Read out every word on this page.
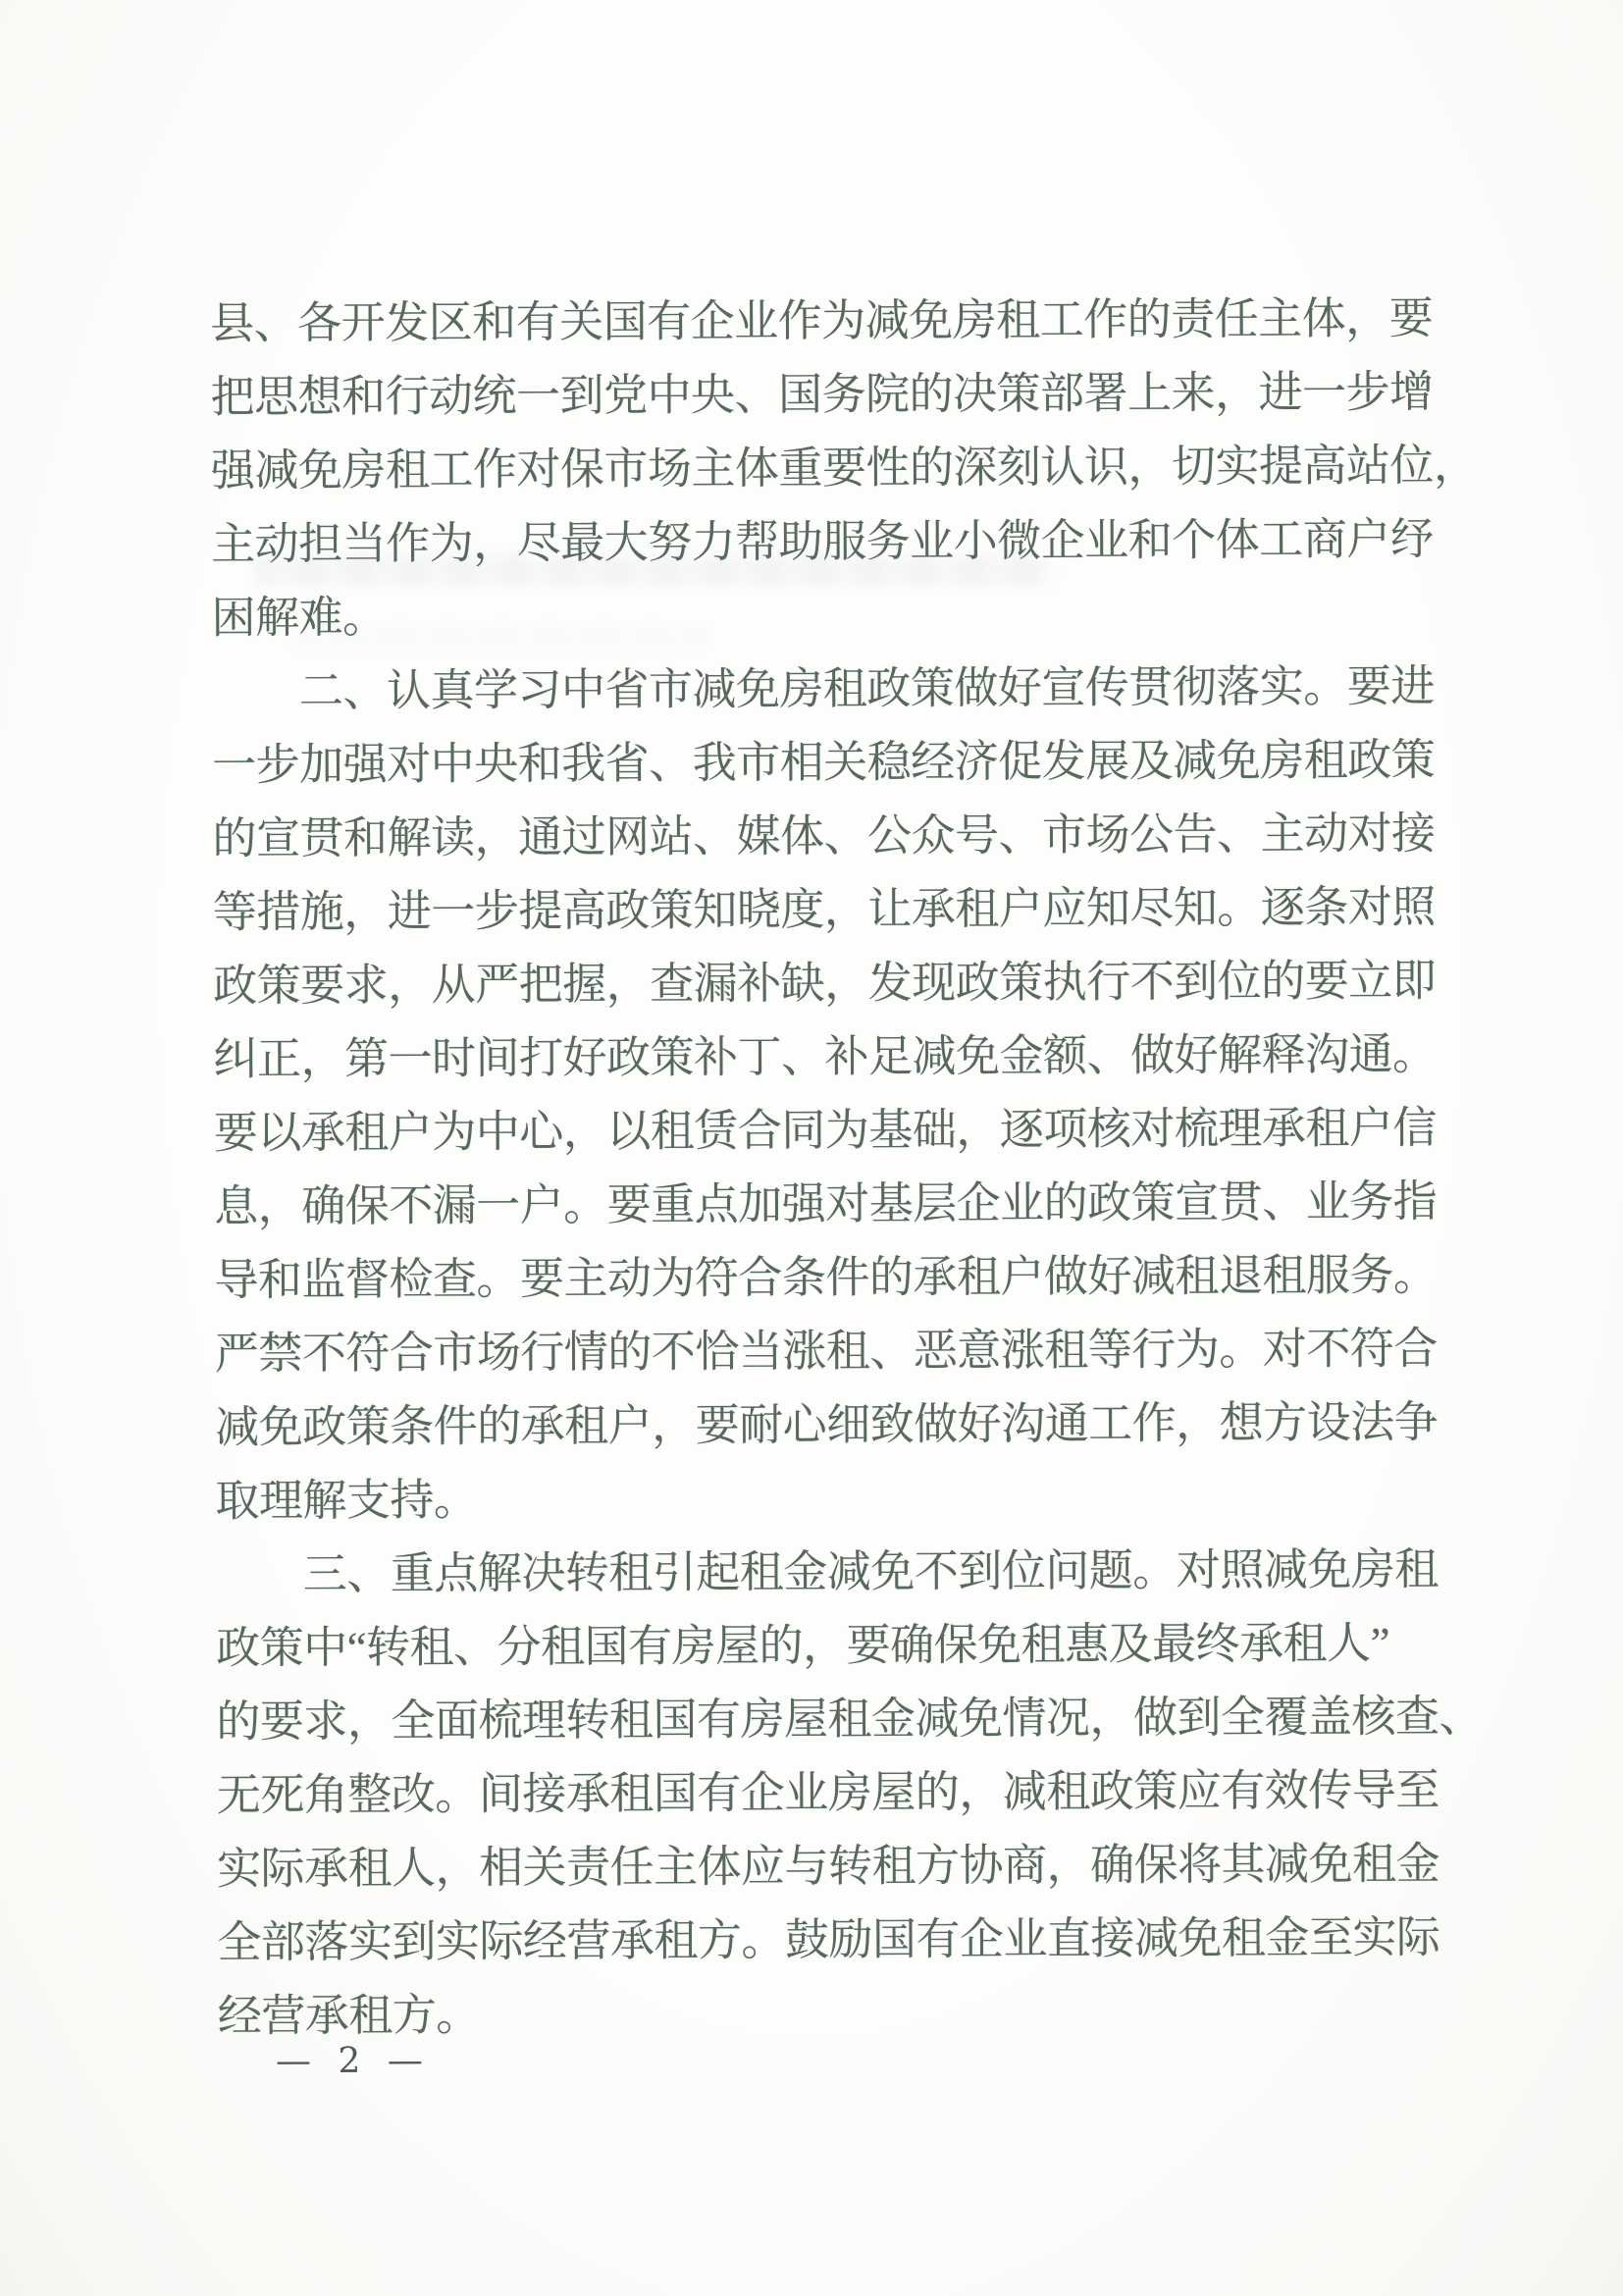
县、各开发区和有关国有企业作为减免房租工作的责任主体，要
把思想和行动统一到党中央、国务院的决策部署上来，进一步增
强减免房租工作对保市场主体重要性的深刻认识，切实提高站位，
主动担当作为，尽最大努力帮助服务业小微企业和个体工商户纾
困解难。
二、认真学习中省市减免房租政策做好宣传贯彻落实。要进
一步加强对中央和我省、我市相关稳经济促发展及减免房租政策
的宣贯和解读，通过网站、媒体、公众号、市场公告、主动对接
等措施，进一步提高政策知晓度，让承租户应知尽知。逐条对照
政策要求，从严把握，查漏补缺，发现政策执行不到位的要立即
纠正，第一时间打好政策补丁、补足减免金额、做好解释沟通。
要以承租户为中心，以租赁合同为基础，逐项核对梳理承租户信
息，确保不漏一户。要重点加强对基层企业的政策宣贯、业务指
导和监督检查。要主动为符合条件的承租户做好减租退租服务。
严禁不符合市场行情的不恰当涨租、恶意涨租等行为。对不符合
减免政策条件的承租户，要耐心细致做好沟通工作，想方设法争
取理解支持。
三、重点解决转租引起租金减免不到位问题。对照减免房租
政策中“转租、分租国有房屋的，要确保免租惠及最终承租人”
的要求，全面梳理转租国有房屋租金减免情况，做到全覆盖核查、
无死角整改。间接承租国有企业房屋的，减租政策应有效传导至
实际承租人，相关责任主体应与转租方协商，确保将其减免租金
全部落实到实际经营承租方。鼓励国有企业直接减免租金至实际
经营承租方。
— 2 —
